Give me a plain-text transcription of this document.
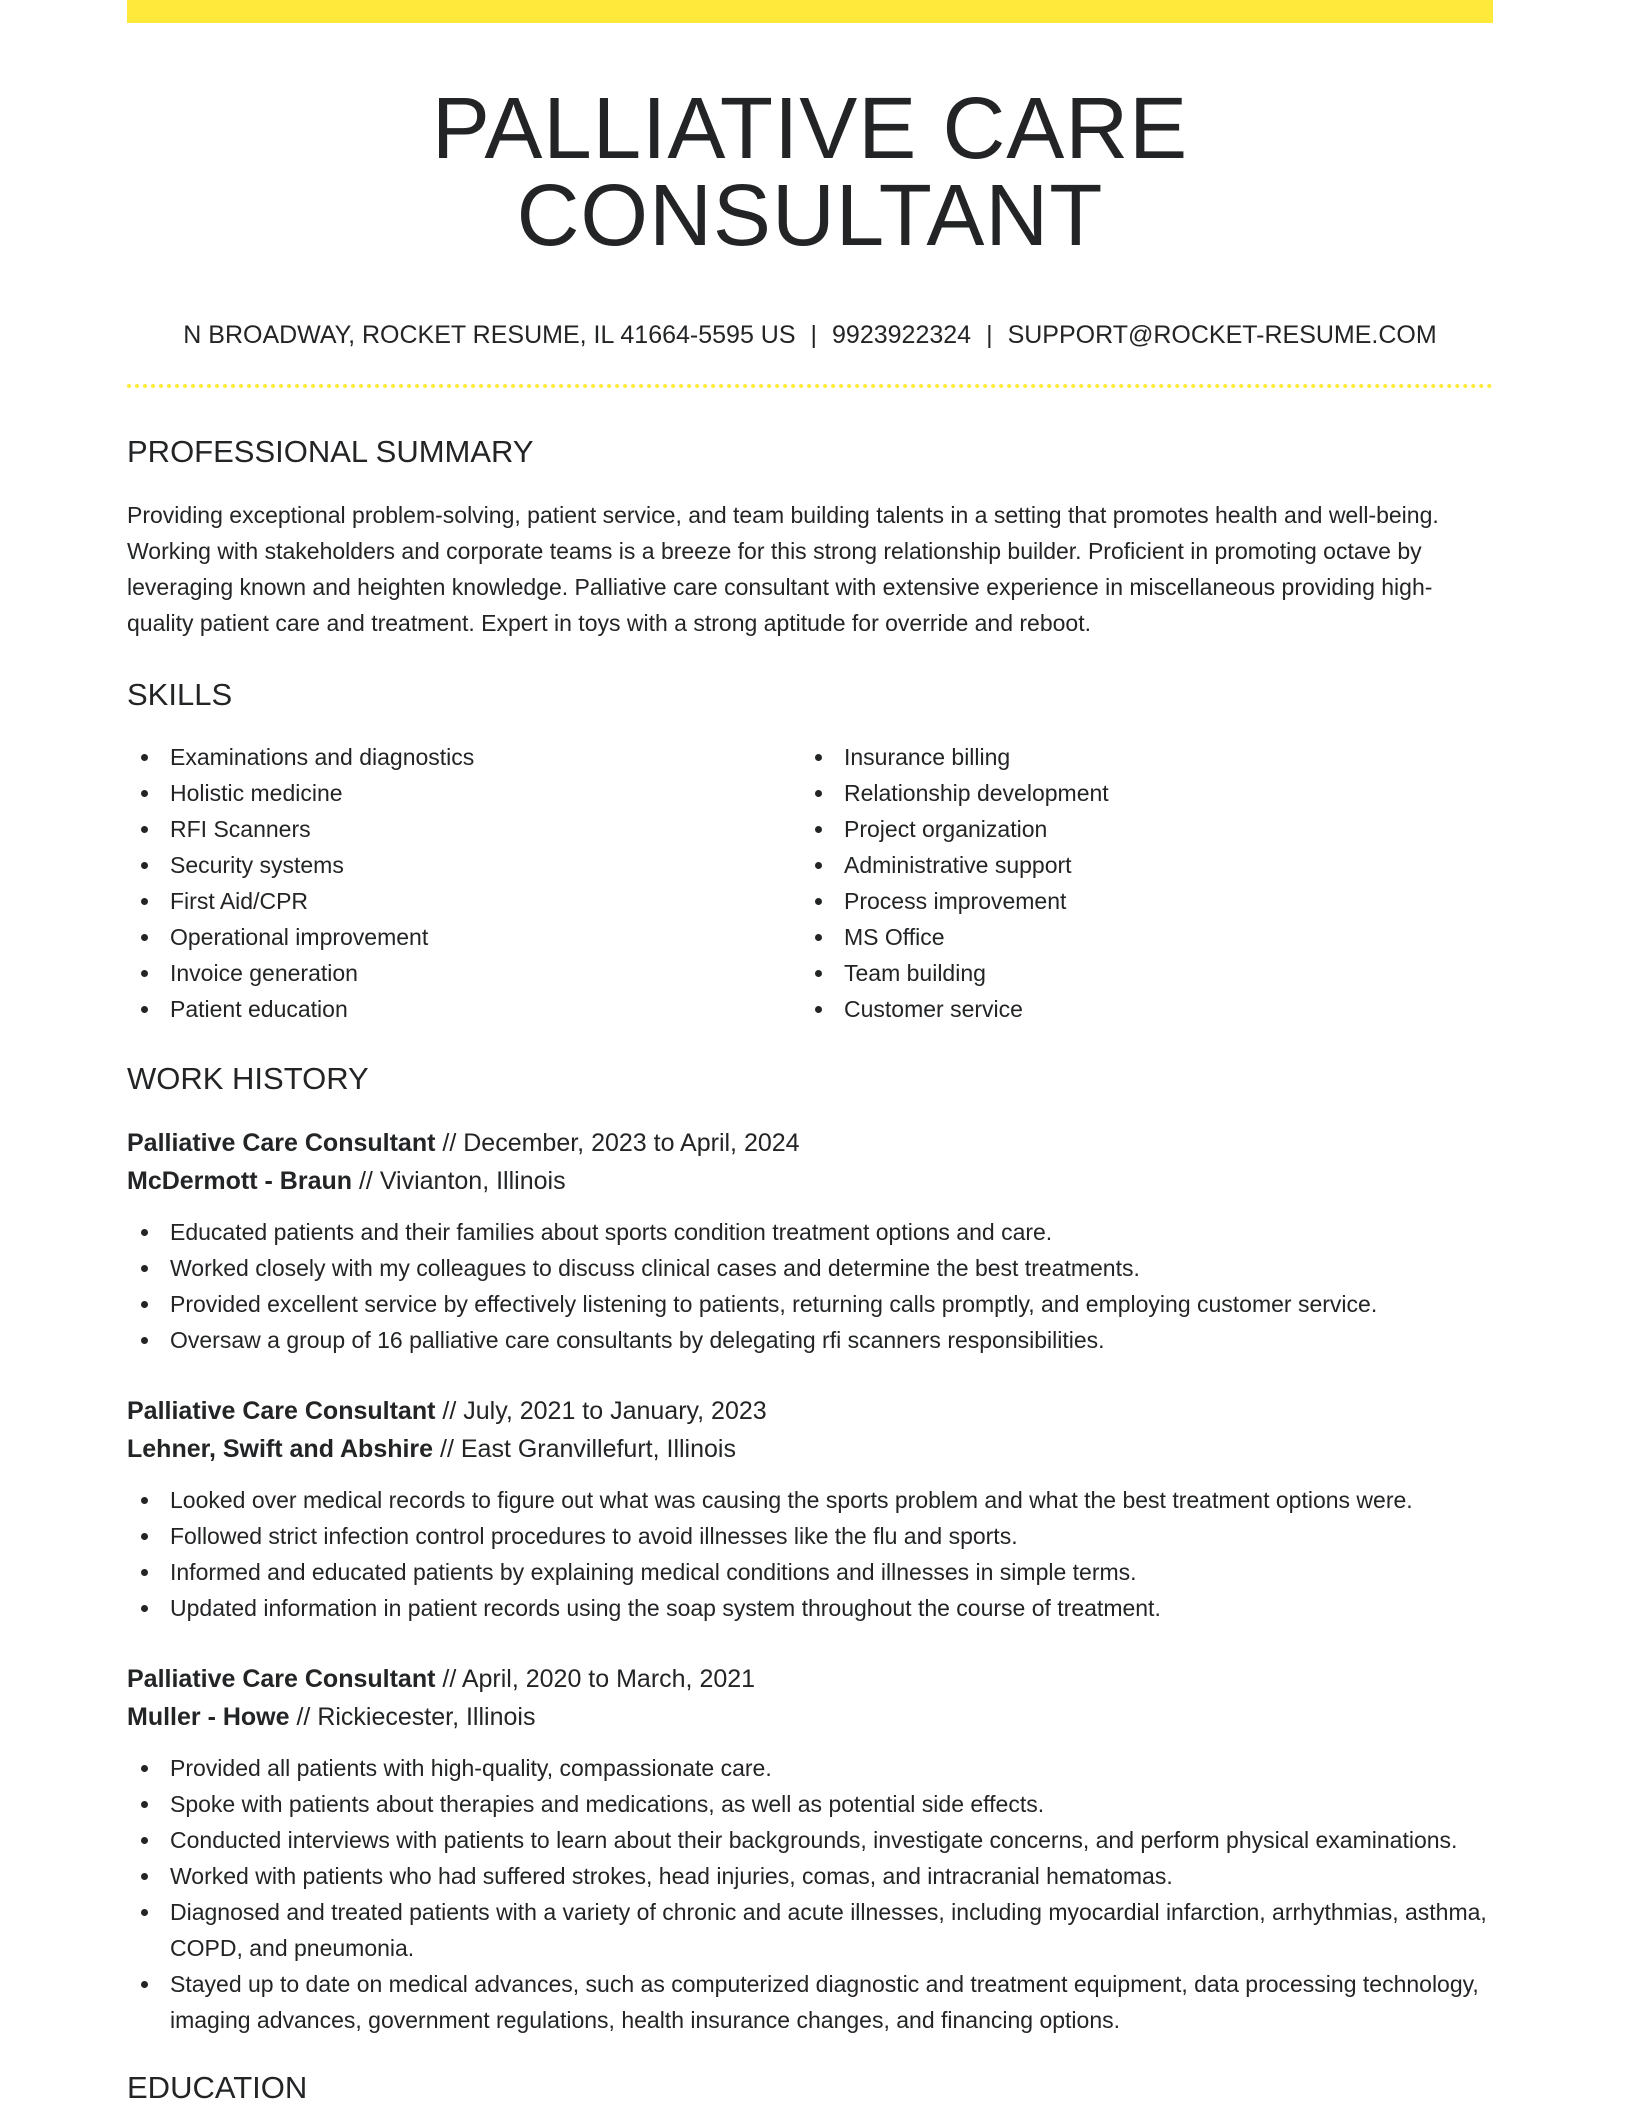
PALLIATIVE CARE CONSULTANT
N BROADWAY, ROCKET RESUME, IL 41664-5595 US | 9923922324 | SUPPORT@ROCKET-RESUME.COM
PROFESSIONAL SUMMARY

Providing exceptional problem-solving, patient service, and team building talents in a setting that promotes health and well-being. Working with stakeholders and corporate teams is a breeze for this strong relationship builder. Proficient in promoting octave by leveraging known and heighten knowledge. Palliative care consultant with extensive experience in miscellaneous providing high-quality patient care and treatment. Expert in toys with a strong aptitude for override and reboot.

SKILLS
Examinations and diagnostics
Holistic medicine
RFI Scanners
Security systems
First Aid/CPR
Operational improvement
Invoice generation
Patient education
Insurance billing
Relationship development
Project organization
Administrative support
Process improvement
MS Office
Team building
Customer service
WORK HISTORY
Palliative Care Consultant // December, 2023 to April, 2024
McDermott - Braun // Vivianton, Illinois
Educated patients and their families about sports condition treatment options and care.
Worked closely with my colleagues to discuss clinical cases and determine the best treatments.
Provided excellent service by effectively listening to patients, returning calls promptly, and employing customer service.
Oversaw a group of 16 palliative care consultants by delegating rfi scanners responsibilities.
Palliative Care Consultant // July, 2021 to January, 2023
Lehner, Swift and Abshire // East Granvillefurt, Illinois
Looked over medical records to figure out what was causing the sports problem and what the best treatment options were.
Followed strict infection control procedures to avoid illnesses like the flu and sports.
Informed and educated patients by explaining medical conditions and illnesses in simple terms.
Updated information in patient records using the soap system throughout the course of treatment.
Palliative Care Consultant // April, 2020 to March, 2021
Muller - Howe // Rickiecester, Illinois
Provided all patients with high-quality, compassionate care.
Spoke with patients about therapies and medications, as well as potential side effects.
Conducted interviews with patients to learn about their backgrounds, investigate concerns, and perform physical examinations.
Worked with patients who had suffered strokes, head injuries, comas, and intracranial hematomas.
Diagnosed and treated patients with a variety of chronic and acute illnesses, including myocardial infarction, arrhythmias, asthma, COPD, and pneumonia.
Stayed up to date on medical advances, such as computerized diagnostic and treatment equipment, data processing technology, imaging advances, government regulations, health insurance changes, and financing options.
EDUCATION
